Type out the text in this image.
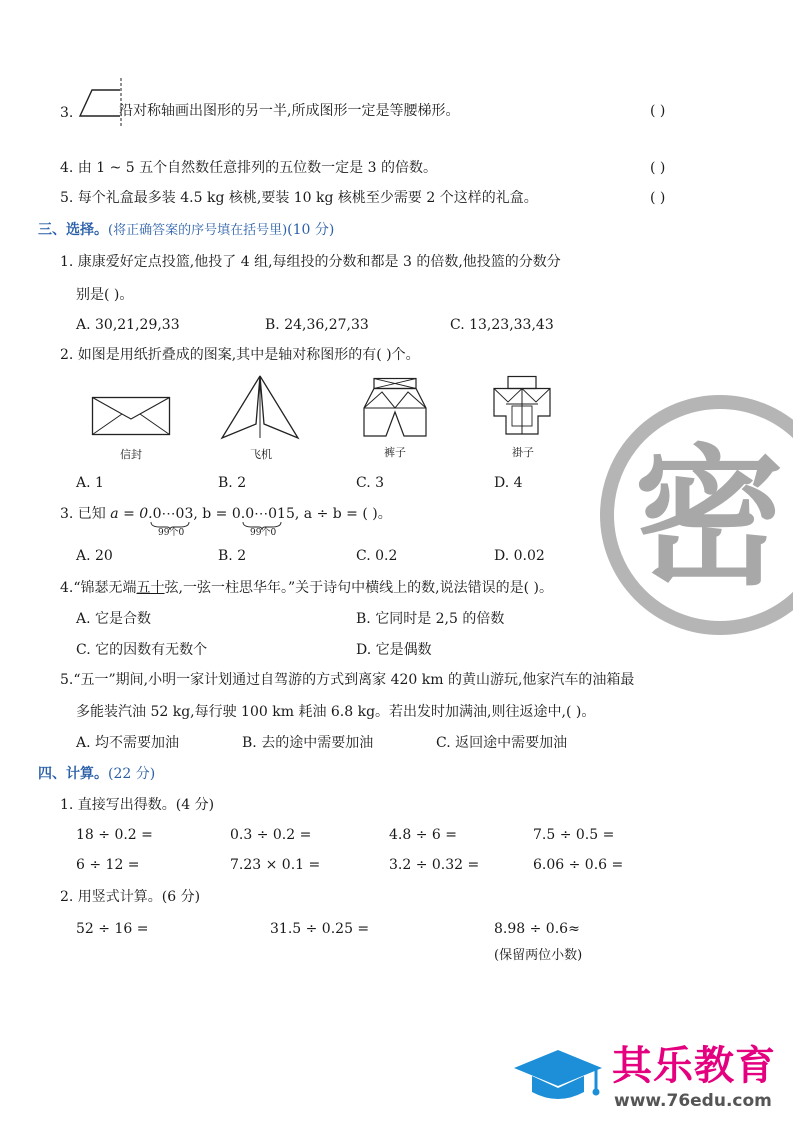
3.	沿对称轴画出图形的另一半,所成图形一定是等腰梯形。	( )
4. 由 1 ~ 5 五个自然数任意排列的五位数一定是 3 的倍数。	( )
5. 每个礼盒最多装 4.5 kg 核桃,要装 10 kg 核桃至少需要 2 个这样的礼盒。	( )
三、选择。(将正确答案的序号填在括号里)(10 分)
1. 康康爱好定点投篮,他投了 4 组,每组投的分数和都是 3 的倍数,他投篮的分数分
别是( )。
A. 30,21,29,33	B. 24,36,27,33	C. 13,23,33,43
2. 如图是用纸折叠成的图案,其中是轴对称图形的有( )个。
信封	飞机	裤子	褂子
A. 1	B. 2	C. 3	D. 4
3. 已知 a = 0.0⋯03, b = 0.0⋯015, a ÷ b = ( )。
99个0	99个0
A. 20	B. 2	C. 0.2	D. 0.02
4.“锦瑟无端五十弦,一弦一柱思华年。”关于诗句中横线上的数,说法错误的是( )。
A. 它是合数	B. 它同时是 2,5 的倍数
C. 它的因数有无数个	D. 它是偶数
5.“五一”期间,小明一家计划通过自驾游的方式到离家 420 km 的黄山游玩,他家汽车的油箱最
多能装汽油 52 kg,每行驶 100 km 耗油 6.8 kg。若出发时加满油,则往返途中,( )。
A. 均不需要加油	B. 去的途中需要加油	C. 返回途中需要加油
四、计算。(22 分)
1. 直接写出得数。(4 分)
18 ÷ 0.2 =	0.3 ÷ 0.2 =	4.8 ÷ 6 =	7.5 ÷ 0.5 =
6 ÷ 12 =	7.23 × 0.1 =	3.2 ÷ 0.32 =	6.06 ÷ 0.6 =
2. 用竖式计算。(6 分)
52 ÷ 16 =	31.5 ÷ 0.25 =	8.98 ÷ 0.6≈
(保留两位小数)
密
其乐教育
www.76edu.com
